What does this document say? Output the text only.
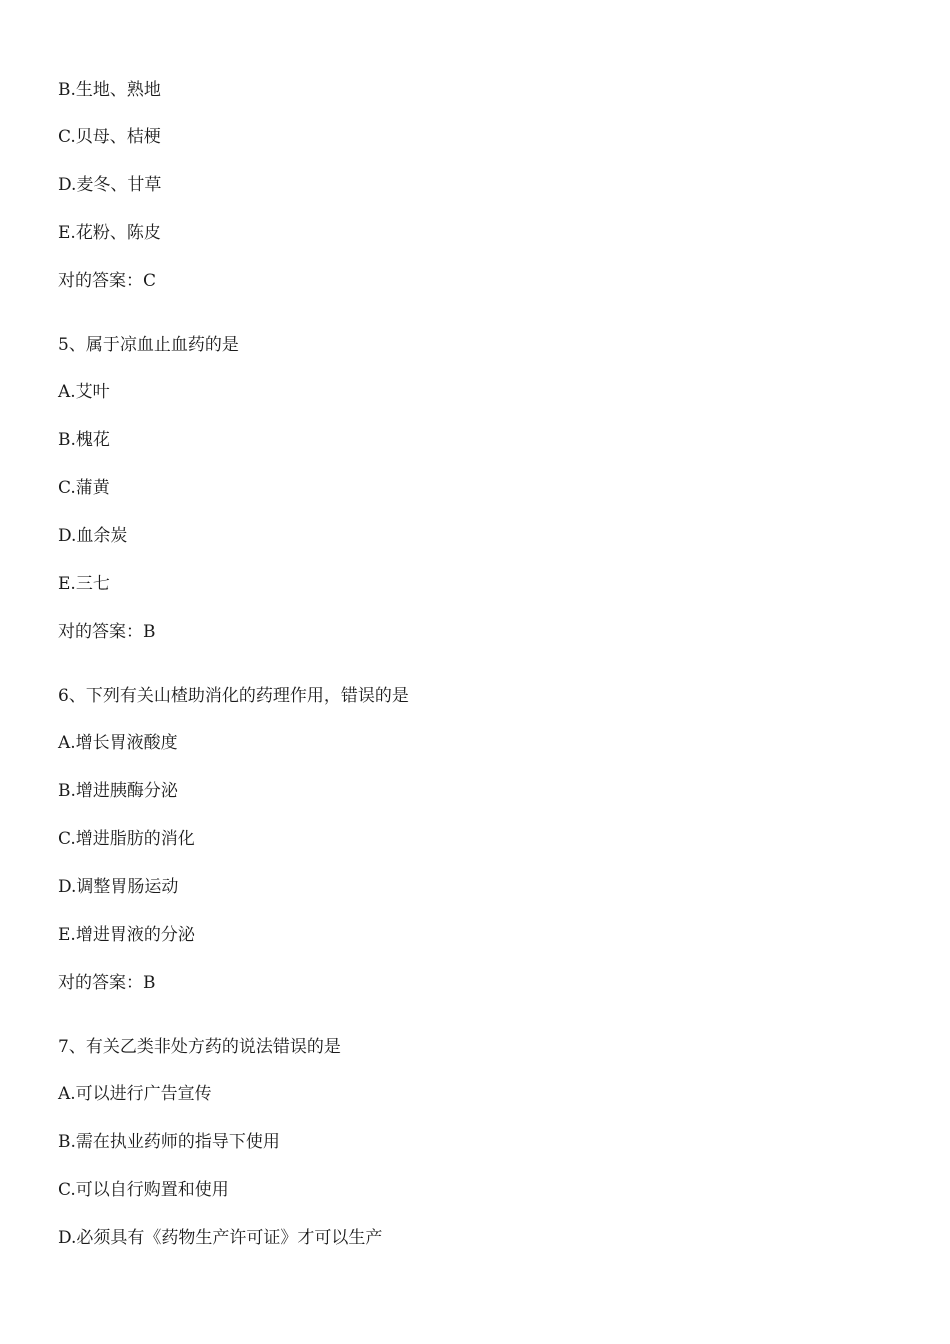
B.生地、熟地
C.贝母、桔梗
D.麦冬、甘草
E.花粉、陈皮
对的答案：C
5、属于凉血止血药的是
A.艾叶
B.槐花
C.蒲黄
D.血余炭
E.三七
对的答案：B
6、下列有关山楂助消化的药理作用，错误的是
A.增长胃液酸度
B.增进胰酶分泌
C.增进脂肪的消化
D.调整胃肠运动
E.增进胃液的分泌
对的答案：B
7、有关乙类非处方药的说法错误的是
A.可以进行广告宣传
B.需在执业药师的指导下使用
C.可以自行购置和使用
D.必须具有《药物生产许可证》才可以生产
